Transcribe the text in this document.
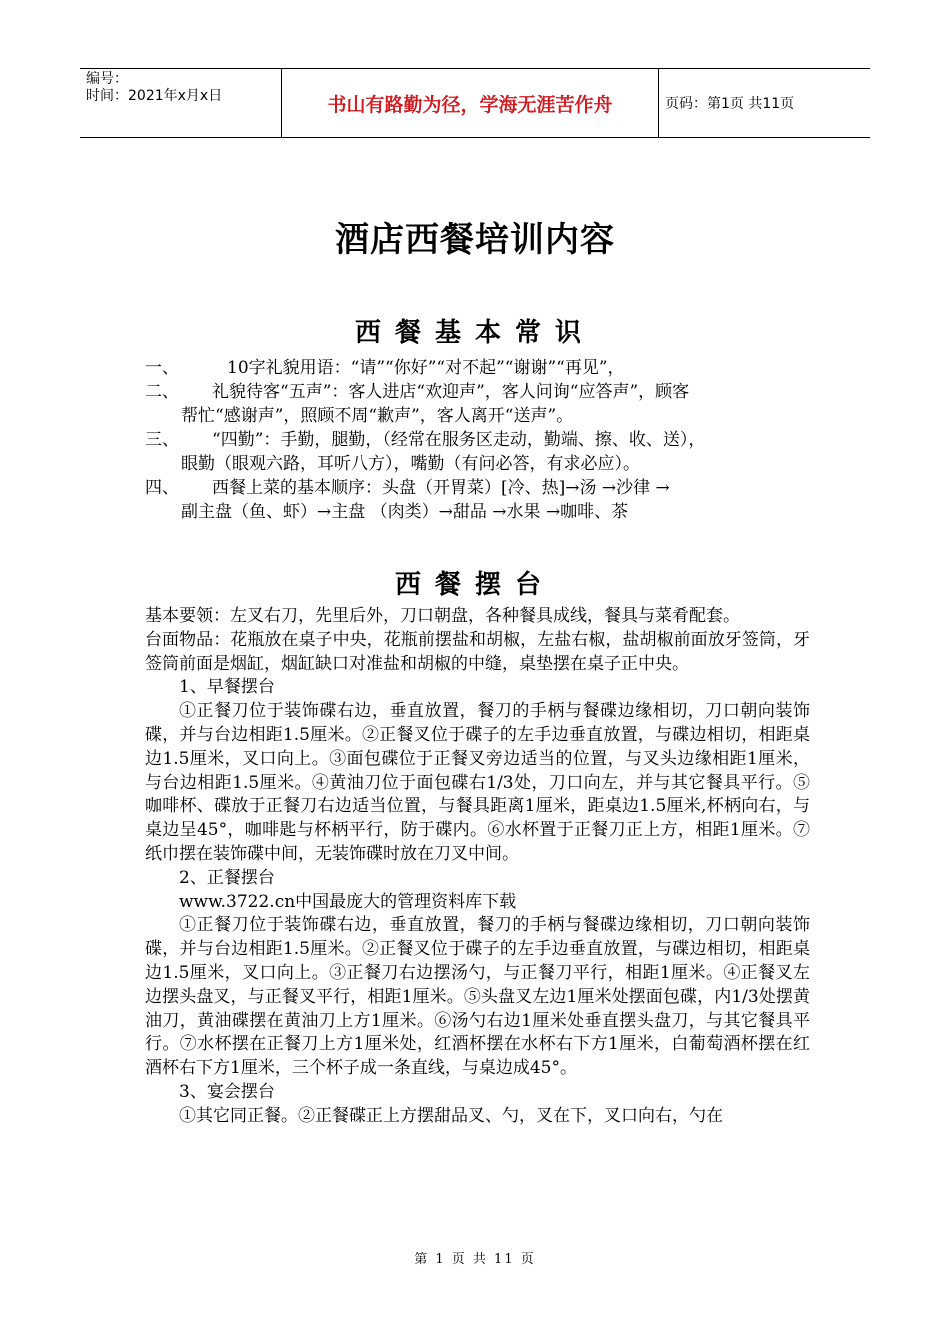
编号：
时间：2021年x月x日	书山有路勤为径，学海无涯苦作舟	页码：第1页 共11页
酒店西餐培训内容
西餐基本常识
一、	10字礼貌用语：“请”“你好”“对不起”“谢谢”“再见”，
二、	礼貌待客“五声”：客人进店“欢迎声”，客人问询“应答声”，顾客
帮忙“感谢声”，照顾不周“歉声”，客人离开“送声”。
三、	“四勤”：手勤，腿勤，（经常在服务区走动，勤端、擦、收、送），
眼勤（眼观六路，耳听八方），嘴勤（有问必答，有求必应）。
四、	西餐上菜的基本顺序：头盘（开胃菜）[冷、热]→汤 →沙律 →
副主盘（鱼、虾）→主盘 （肉类）→甜品 →水果 →咖啡、茶
西餐摆台

基本要领：左叉右刀，先里后外，刀口朝盘，各种餐具成线，餐具与菜肴配套。

台面物品：花瓶放在桌子中央，花瓶前摆盐和胡椒，左盐右椒，盐胡椒前面放牙签筒，牙签筒前面是烟缸，烟缸缺口对准盐和胡椒的中缝，桌垫摆在桌子正中央。

1、早餐摆台

①正餐刀位于装饰碟右边，垂直放置，餐刀的手柄与餐碟边缘相切，刀口朝向装饰碟，并与台边相距1.5厘米。②正餐叉位于碟子的左手边垂直放置，与碟边相切，相距桌边1.5厘米，叉口向上。③面包碟位于正餐叉旁边适当的位置，与叉头边缘相距1厘米，与台边相距1.5厘米。④黄油刀位于面包碟右1/3处，刀口向左，并与其它餐具平行。⑤咖啡杯、碟放于正餐刀右边适当位置，与餐具距离1厘米，距桌边1.5厘米,杯柄向右，与桌边呈45°，咖啡匙与杯柄平行，防于碟内。⑥水杯置于正餐刀正上方，相距1厘米。⑦纸巾摆在装饰碟中间，无装饰碟时放在刀叉中间。

2、正餐摆台

www.3722.cn中国最庞大的管理资料库下载

①正餐刀位于装饰碟右边，垂直放置，餐刀的手柄与餐碟边缘相切，刀口朝向装饰碟，并与台边相距1.5厘米。②正餐叉位于碟子的左手边垂直放置，与碟边相切，相距桌边1.5厘米，叉口向上。③正餐刀右边摆汤勺，与正餐刀平行，相距1厘米。④正餐叉左边摆头盘叉，与正餐叉平行，相距1厘米。⑤头盘叉左边1厘米处摆面包碟，内1/3处摆黄油刀，黄油碟摆在黄油刀上方1厘米。⑥汤勺右边1厘米处垂直摆头盘刀，与其它餐具平行。⑦水杯摆在正餐刀上方1厘米处，红酒杯摆在水杯右下方1厘米，白葡萄酒杯摆在红酒杯右下方1厘米，三个杯子成一条直线，与桌边成45°。

3、宴会摆台

①其它同正餐。②正餐碟正上方摆甜品叉、勺，叉在下，叉口向右，勺在

第 1 页 共 11 页
